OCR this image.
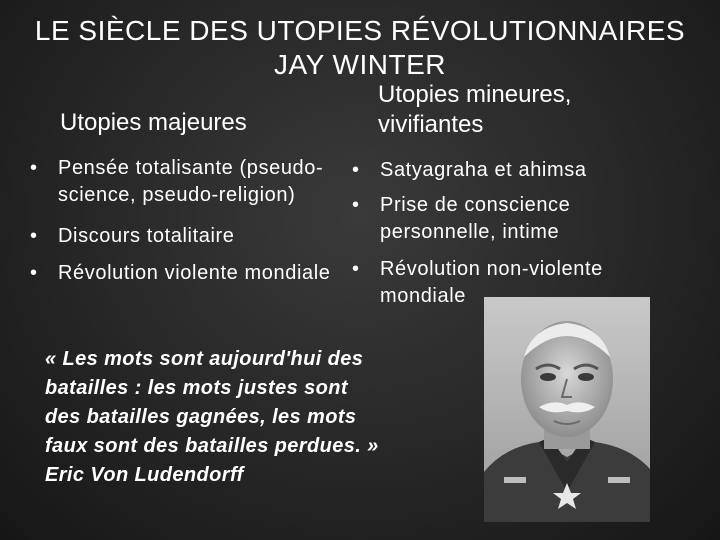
LE SIÈCLE DES UTOPIES RÉVOLUTIONNAIRES
JAY WINTER
Utopies majeures
Utopies mineures, vivifiantes
• Pensée totalisante (pseudo-science, pseudo-religion)
• Discours totalitaire
• Révolution violente mondiale
• Satyagraha et ahimsa
• Prise de conscience personnelle, intime
• Révolution non-violente mondiale
« Les mots sont aujourd'hui des
batailles : les mots justes sont
des batailles gagnées, les mots
faux sont des batailles perdues. »
Eric Von Ludendorff
